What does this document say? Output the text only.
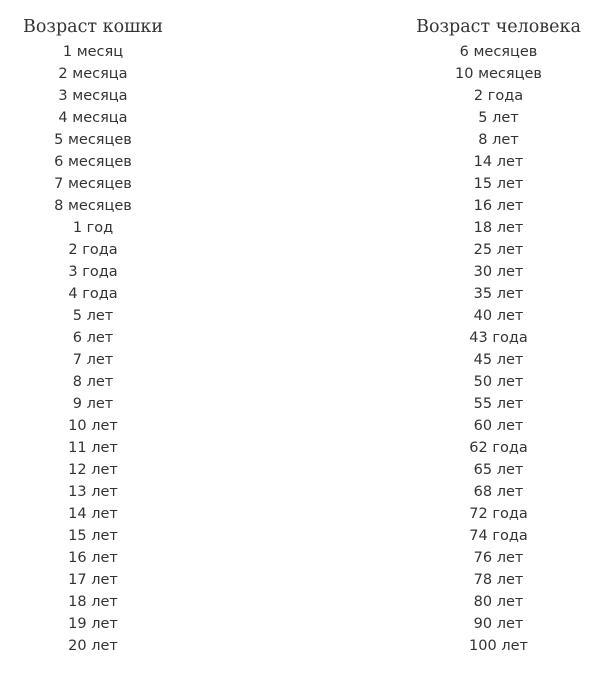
Возраст кошки		Возраст человека
1 месяц		6 месяцев
2 месяца		10 месяцев
3 месяца		2 года
4 месяца		5 лет
5 месяцев		8 лет
6 месяцев		14 лет
7 месяцев		15 лет
8 месяцев		16 лет
1 год		18 лет
2 года		25 лет
3 года		30 лет
4 года		35 лет
5 лет		40 лет
6 лет		43 года
7 лет		45 лет
8 лет		50 лет
9 лет		55 лет
10 лет		60 лет
11 лет		62 года
12 лет		65 лет
13 лет		68 лет
14 лет		72 года
15 лет		74 года
16 лет		76 лет
17 лет		78 лет
18 лет		80 лет
19 лет		90 лет
20 лет		100 лет
